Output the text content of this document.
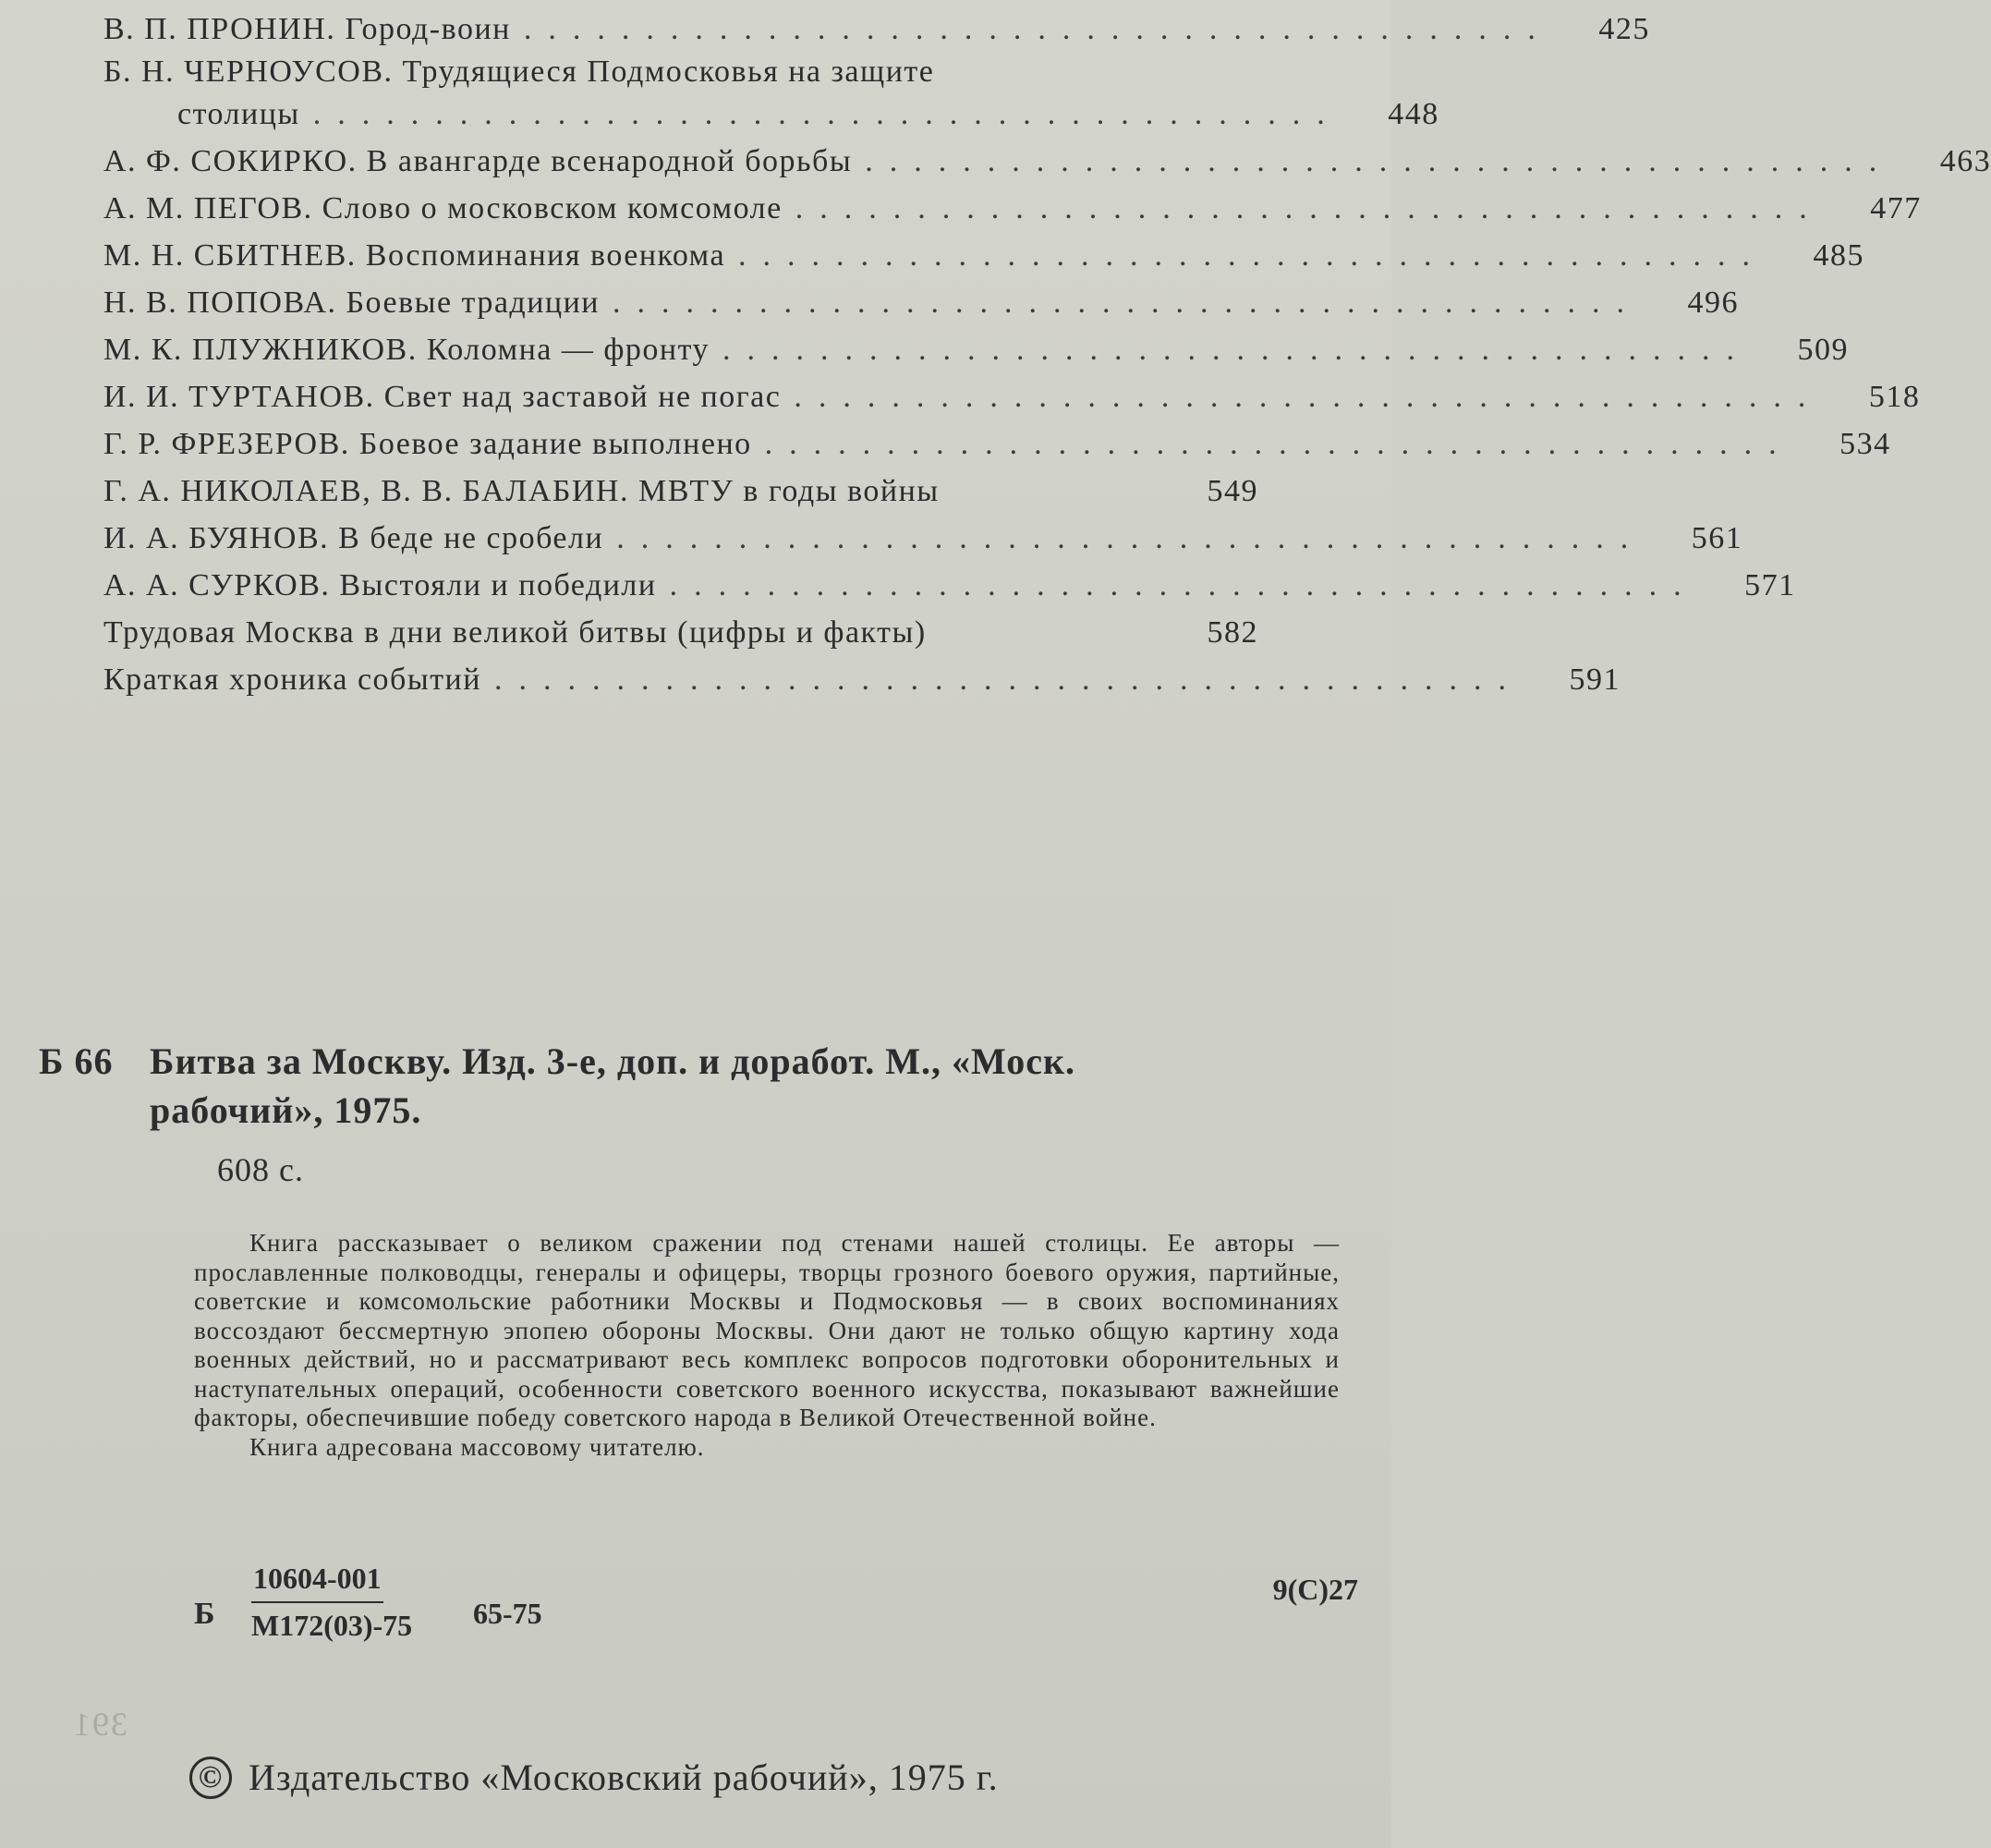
В. П. ПРОНИН. Город-воин ..........................................	425
Б. Н. ЧЕРНОУСОВ. Трудящиеся Подмосковья на защите
столицы ..........................................	448
А. Ф. СОКИРКО. В авангарде всенародной борьбы ..........................................	463
А. М. ПЕГОВ. Слово о московском комсомоле ..........................................	477
М. Н. СБИТНЕВ. Воспоминания военкома ..........................................	485
Н. В. ПОПОВА. Боевые традиции ..........................................	496
М. К. ПЛУЖНИКОВ. Коломна — фронту ..........................................	509
И. И. ТУРТАНОВ. Свет над заставой не погас ..........................................	518
Г. Р. ФРЕЗЕРОВ. Боевое задание выполнено ..........................................	534
Г. А. НИКОЛАЕВ, В. В. БАЛАБИН. МВТУ в годы войны	549
И. А. БУЯНОВ. В беде не сробели ..........................................	561
А. А. СУРКОВ. Выстояли и победили ..........................................	571
Трудовая Москва в дни великой битвы (цифры и факты)	582
Краткая хроника событий ..........................................	591
Б 66 Битва за Москву. Изд. 3-е, доп. и доработ. М., «Моск.
рабочий», 1975.
608 с.

Книга рассказывает о великом сражении под стенами нашей столицы. Ее авторы — прославленные полководцы, генералы и офицеры, творцы грозного боевого оружия, партийные, советские и комсомольские работники Москвы и Подмосковья — в своих воспоминаниях воссоздают бессмертную эпопею обороны Москвы. Они дают не только общую картину хода военных действий, но и рассматривают весь комплекс вопросов подготовки оборонительных и наступательных операций, особенности советского военного искусства, показывают важнейшие факторы, обеспечившие победу советского народа в Великой Отечественной войне.

Книга адресована массовому читателю.

Б
10604-001
М172(03)-75 65-75
9(С)27
391
© Издательство «Московский рабочий», 1975 г.
